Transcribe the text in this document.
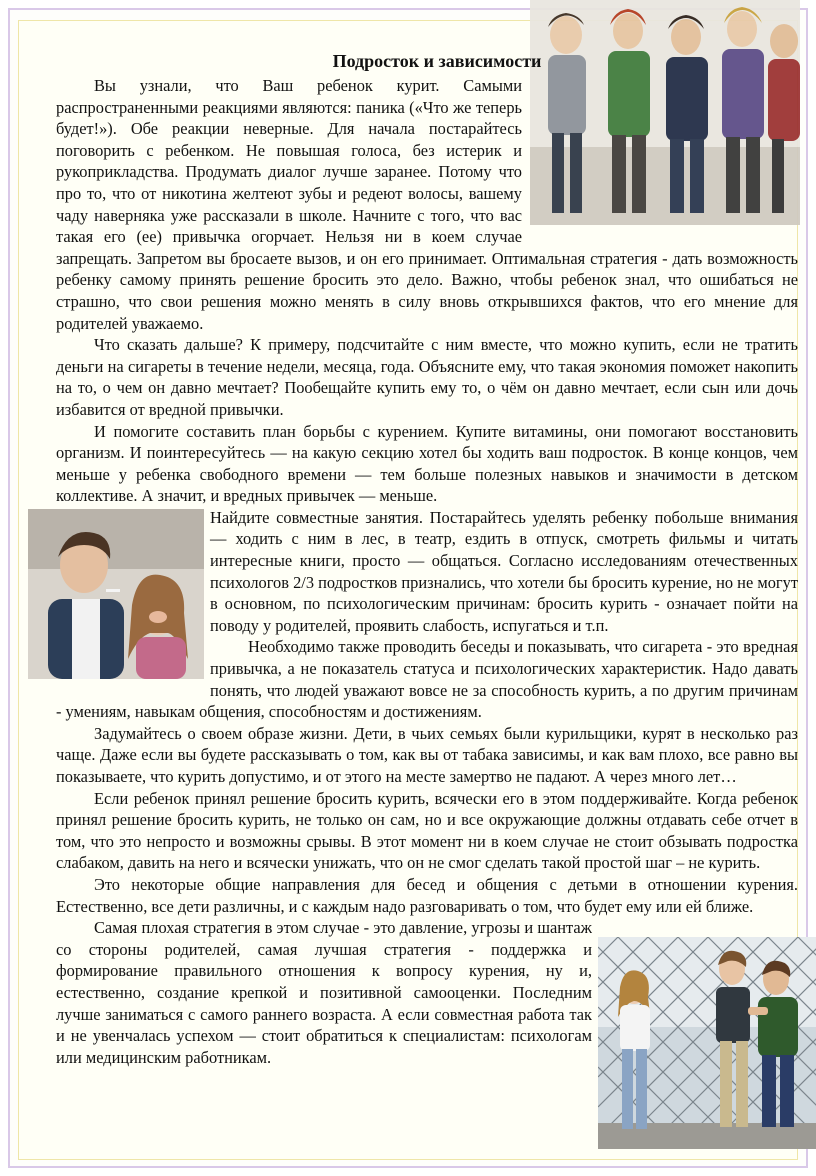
Подросток и зависимости

Вы узнали, что Ваш ребенок курит. Самыми распространенными реакциями являются: паника («Что же теперь будет!»). Обе реакции неверные. Для начала постарайтесь поговорить с ребенком. Не повышая голоса, без истерик и рукоприкладства. Продумать диалог лучше заранее. Потому что про то, что от никотина желтеют зубы и редеют волосы, вашему чаду наверняка уже рассказали в школе. Начните с того, что вас такая его (ее) привычка огорчает. Нельзя ни в коем случае запрещать. Запретом вы бросаете вызов, и он его принимает. Оптимальная стратегия - дать возможность ребенку самому принять решение бросить это дело. Важно, чтобы ребенок знал, что ошибаться не страшно, что свои решения можно менять в силу вновь открывшихся фактов, что его мнение для родителей уважаемо.

Что сказать дальше? К примеру, подсчитайте с ним вместе, что можно купить, если не тратить деньги на сигареты в течение недели, месяца, года. Объясните ему, что такая экономия поможет накопить на то, о чем он давно мечтает? Пообещайте купить ему то, о чём он давно мечтает, если сын или дочь избавится от вредной привычки.

И помогите составить план борьбы с курением. Купите витамины, они помогают восстановить организм. И поинтересуйтесь — на какую секцию хотел бы ходить ваш подросток. В конце концов, чем меньше у ребенка свободного времени — тем больше полезных навыков и значимости в детском коллективе. А значит, и вредных привычек — меньше.

Найдите совместные занятия. Постарайтесь уделять ребенку побольше внимания — ходить с ним в лес, в театр, ездить в отпуск, смотреть фильмы и читать интересные книги, просто — общаться. Согласно исследованиям отечественных психологов 2/3 подростков признались, что хотели бы бросить курение, но не могут в основном, по психологическим причинам: бросить курить - означает пойти на поводу у родителей, проявить слабость, испугаться и т.п.

Необходимо также проводить беседы и показывать, что сигарета - это вредная привычка, а не показатель статуса и психологических характеристик. Надо давать понять, что людей уважают вовсе не за способность курить, а по другим причинам - умениям, навыкам общения, способностям и достижениям.

Задумайтесь о своем образе жизни. Дети, в чьих семьях были курильщики, курят в несколько раз чаще. Даже если вы будете рассказывать о том, как вы от табака зависимы, и как вам плохо, все равно вы показываете, что курить допустимо, и от этого на месте замертво не падают. А через много лет…

Если ребенок принял решение бросить курить, всячески его в этом поддерживайте. Когда ребенок принял решение бросить курить, не только он сам, но и все окружающие должны отдавать себе отчет в том, что это непросто и возможны срывы. В этот момент ни в коем случае не стоит обзывать подростка слабаком, давить на него и всячески унижать, что он не смог сделать такой простой шаг – не курить.

Это некоторые общие направления для бесед и общения с детьми в отношении курения. Естественно, все дети различны, и с каждым надо разговаривать о том, что будет ему или ей ближе.

Самая плохая стратегия в этом случае - это давление, угрозы и шантаж со стороны родителей, самая лучшая стратегия - поддержка и формирование правильного отношения к вопросу курения, ну и, естественно, создание крепкой и позитивной самооценки. Последним лучше заниматься с самого раннего возраста. А если совместная работа так и не увенчалась успехом — стоит обратиться к специалистам: психологам или медицинским работникам.
